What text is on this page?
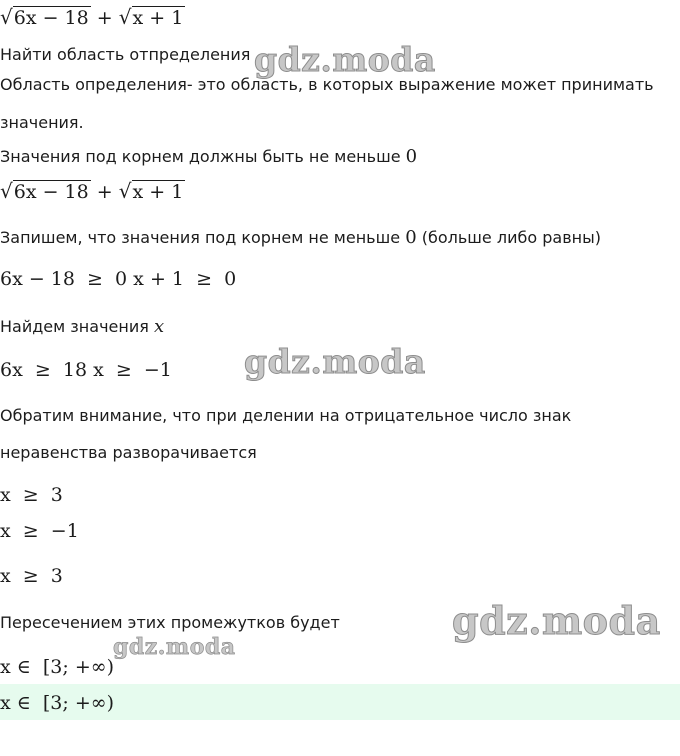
√6x − 18 + √x + 1
Найти область отпределения
Область определения- это область, в которых выражение может принимать
значения.
Значения под корнем должны быть не меньше 0
√6x − 18 + √x + 1
Запишем, что значения под корнем не меньше 0 (больше либо равны)
6x − 18  ≥  0 x + 1  ≥  0
Найдем значения x
6x  ≥  18 x  ≥  −1
Обратим внимание, что при делении на отрицательное число знак
неравенства разворачивается
x  ≥  3
x  ≥  −1
x  ≥  3
Пересечением этих промежутков будет
x ∈  [3; +∞)
x ∈  [3; +∞)
gdz.moda
gdz.moda
gdz.moda
gdz.moda
